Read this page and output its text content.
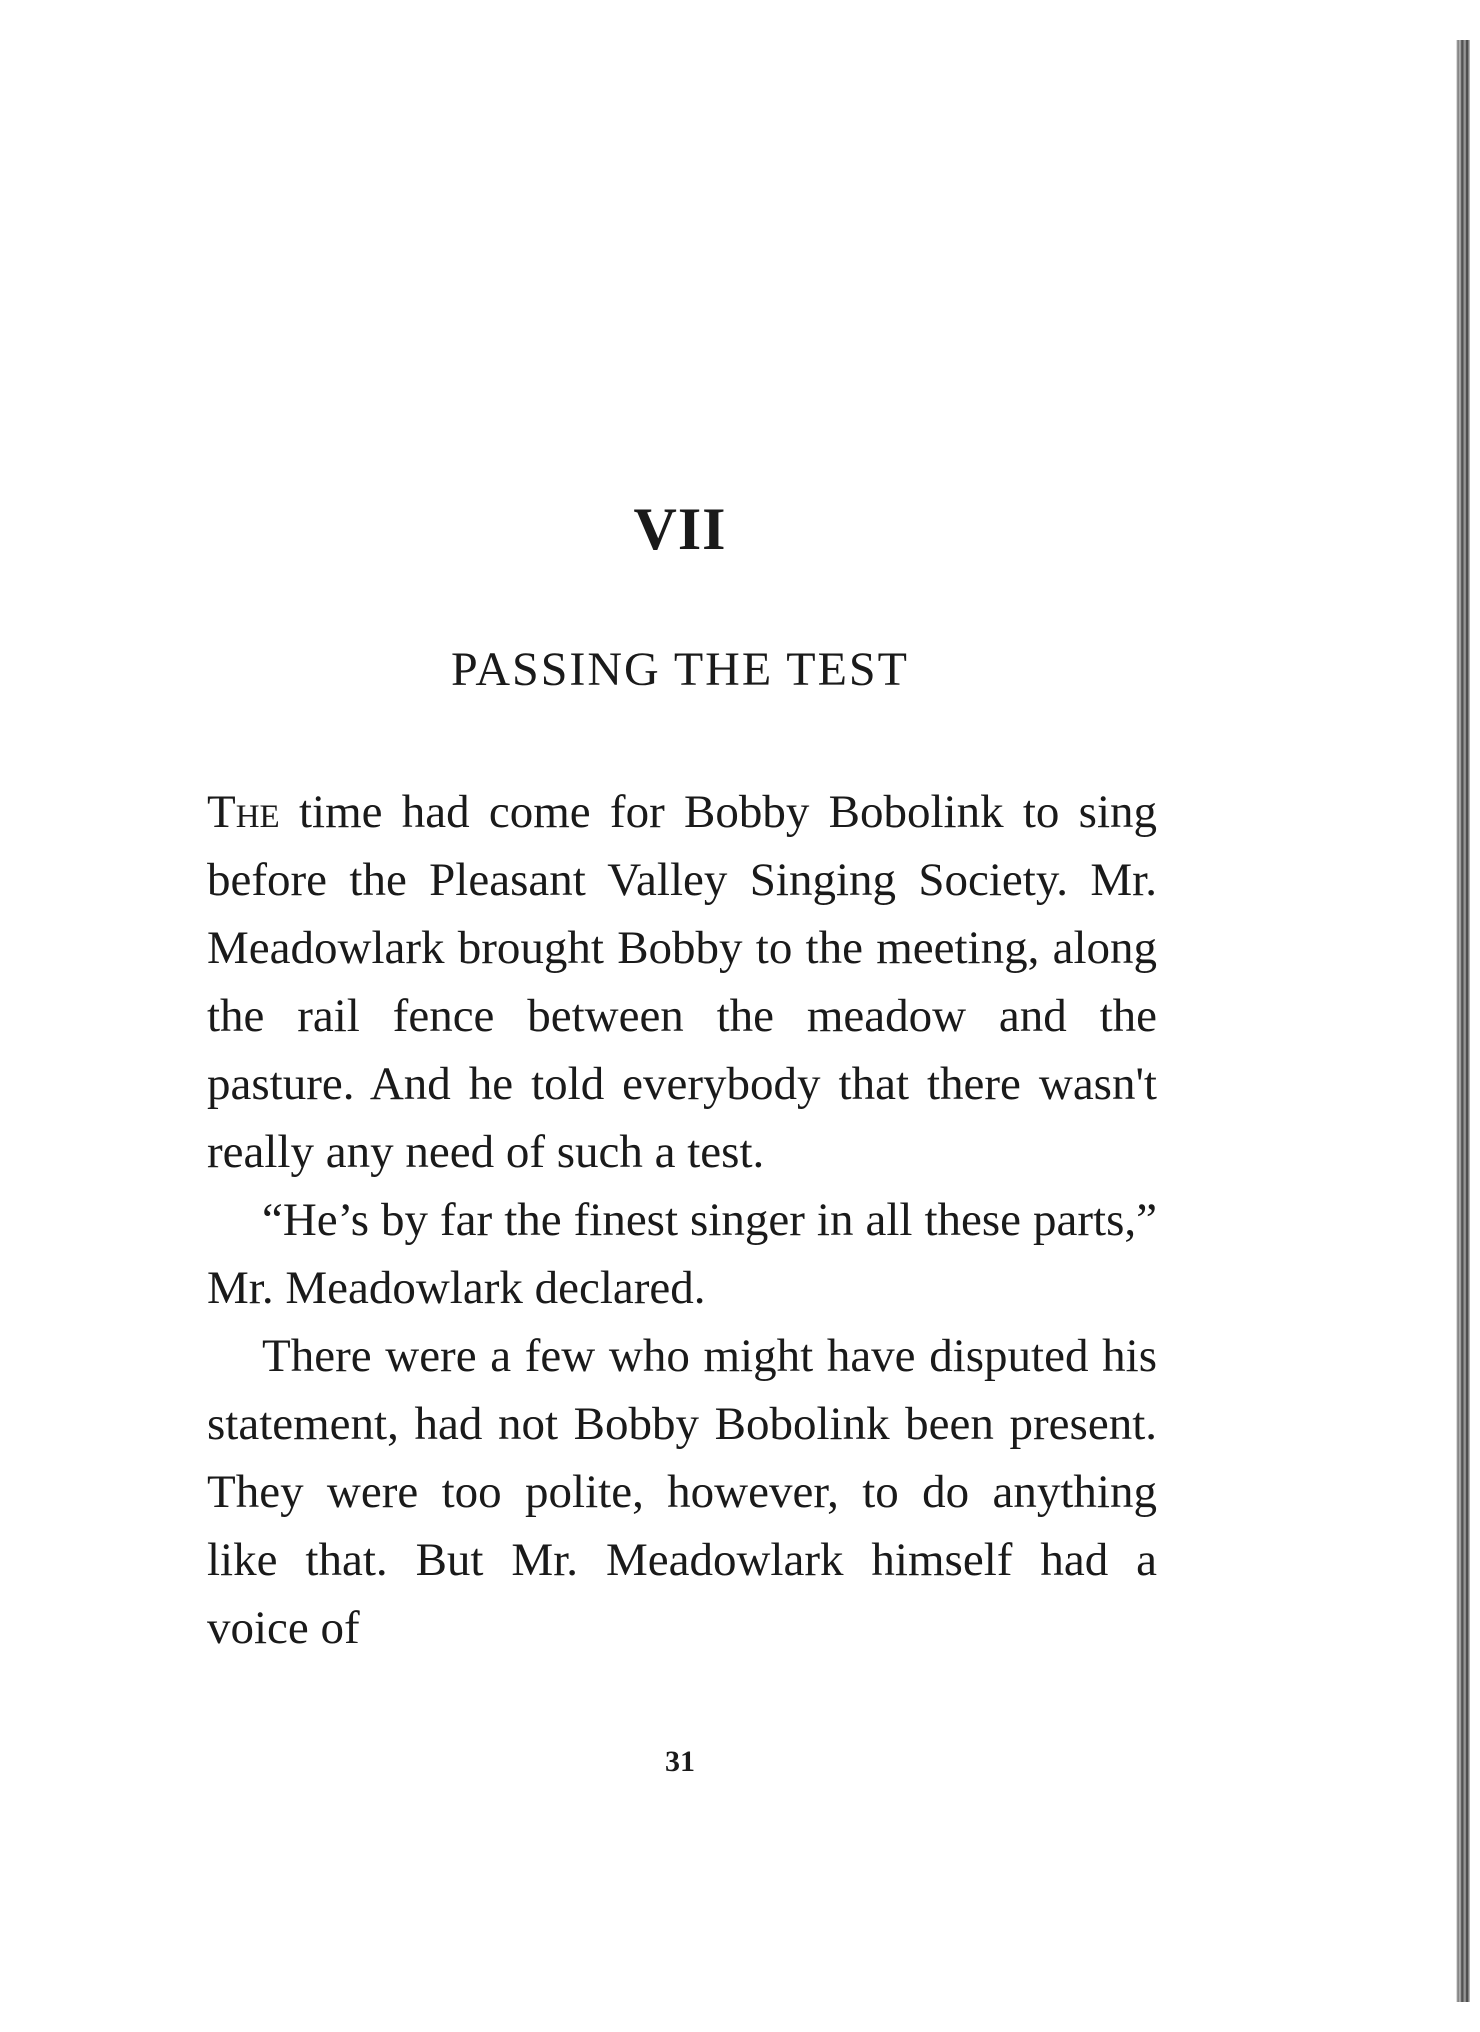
VII
PASSING THE TEST

The time had come for Bobby Bobolink to sing before the Pleasant Valley Singing Society. Mr. Meadowlark brought Bobby to the meeting, along the rail fence between the meadow and the pasture. And he told everybody that there wasn't really any need of such a test.

“He’s by far the finest singer in all these parts,” Mr. Meadowlark declared.

There were a few who might have disputed his statement, had not Bobby Bobolink been present. They were too polite, however, to do anything like that. But Mr. Meadowlark himself had a voice of

31
